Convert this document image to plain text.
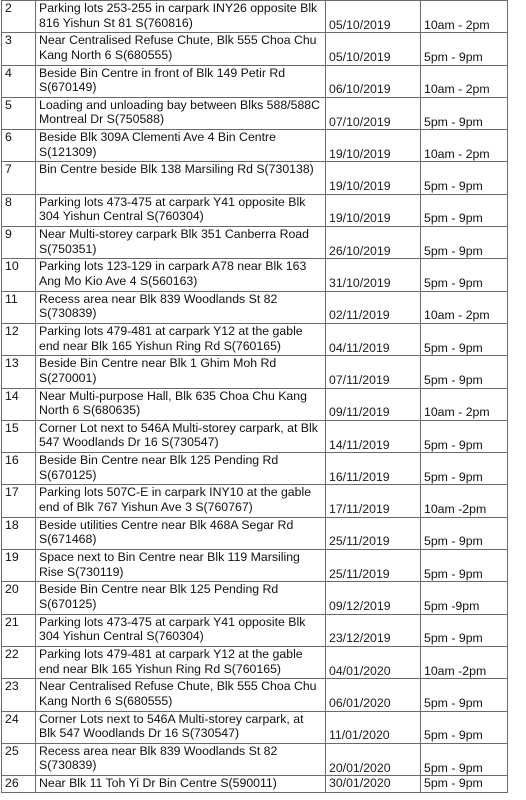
2	Parking lots 253-255 in carpark INY26 opposite Blk 816 Yishun St 81 S(760816)	05/10/2019	10am - 2pm
3	Near Centralised Refuse Chute, Blk 555 Choa Chu Kang North 6 S(680555)	05/10/2019	5pm - 9pm
4	Beside Bin Centre in front of Blk 149 Petir Rd S(670149)	06/10/2019	10am - 2pm
5	Loading and unloading bay between Blks 588/588C Montreal Dr S(750588)	07/10/2019	5pm - 9pm
6	Beside Blk 309A Clementi Ave 4 Bin Centre S(121309)	19/10/2019	10am - 2pm
7	Bin Centre beside Blk 138 Marsiling Rd S(730138)	19/10/2019	5pm - 9pm
8	Parking lots 473-475 at carpark Y41 opposite Blk 304 Yishun Central S(760304)	19/10/2019	5pm - 9pm
9	Near Multi-storey carpark Blk 351 Canberra Road S(750351)	26/10/2019	5pm - 9pm
10	Parking lots 123-129 in carpark A78 near Blk 163 Ang Mo Kio Ave 4 S(560163)	31/10/2019	5pm - 9pm
11	Recess area near Blk 839 Woodlands St 82 S(730839)	02/11/2019	10am - 2pm
12	Parking lots 479-481 at carpark Y12 at the gable end near Blk 165 Yishun Ring Rd S(760165)	04/11/2019	5pm - 9pm
13	Beside Bin Centre near Blk 1 Ghim Moh Rd S(270001)	07/11/2019	5pm - 9pm
14	Near Multi-purpose Hall, Blk 635 Choa Chu Kang North 6 S(680635)	09/11/2019	10am - 2pm
15	Corner Lot next to 546A Multi-storey carpark, at Blk 547 Woodlands Dr 16 S(730547)	14/11/2019	5pm - 9pm
16	Beside Bin Centre near Blk 125 Pending Rd S(670125)	16/11/2019	5pm - 9pm
17	Parking lots 507C-E in carpark INY10 at the gable end of Blk 767 Yishun Ave 3 S(760767)	17/11/2019	10am -2pm
18	Beside utilities Centre near Blk 468A Segar Rd S(671468)	25/11/2019	5pm - 9pm
19	Space next to Bin Centre near Blk 119 Marsiling Rise S(730119)	25/11/2019	5pm - 9pm
20	Beside Bin Centre near Blk 125 Pending Rd S(670125)	09/12/2019	5pm -9pm
21	Parking lots 473-475 at carpark Y41 opposite Blk 304 Yishun Central S(760304)	23/12/2019	5pm - 9pm
22	Parking lots 479-481 at carpark Y12 at the gable end near Blk 165 Yishun Ring Rd S(760165)	04/01/2020	10am -2pm
23	Near Centralised Refuse Chute, Blk 555 Choa Chu Kang North 6 S(680555)	06/01/2020	5pm - 9pm
24	Corner Lots next to 546A Multi-storey carpark, at Blk 547 Woodlands Dr 16 S(730547)	11/01/2020	5pm - 9pm
25	Recess area near Blk 839 Woodlands St 82 S(730839)	20/01/2020	5pm - 9pm
26	Near Blk 11 Toh Yi Dr Bin Centre S(590011)	30/01/2020	5pm - 9pm
